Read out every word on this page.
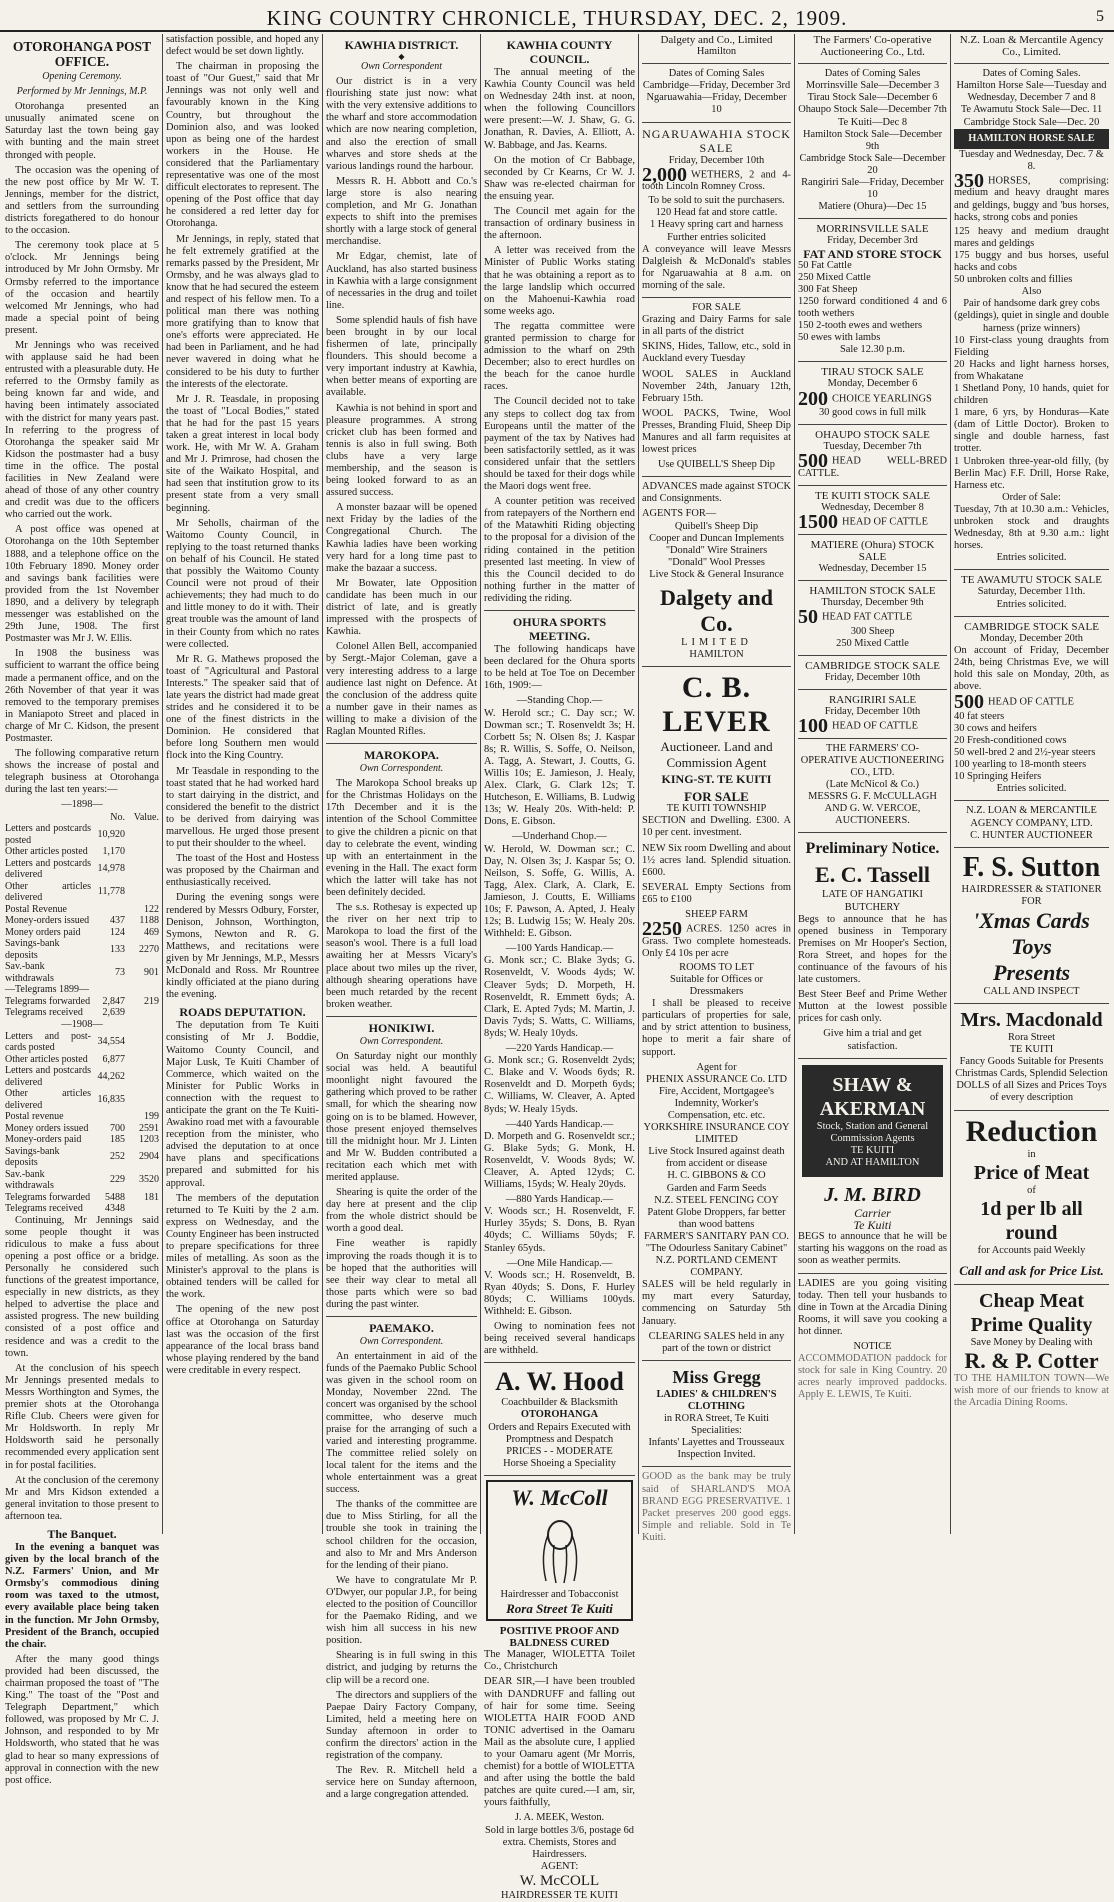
KING COUNTRY CHRONICLE, THURSDAY, DEC. 2, 1909.	5
OTOROHANGA POST OFFICE.
Opening Ceremony.
Performed by Mr Jennings, M.P.

Otorohanga presented an unusually animated scene on Saturday last the town being gay with bunting and the main street thronged with people.

The occasion was the opening of the new post office by Mr W. T. Jennings, member for the district, and settlers from the surrounding districts foregathered to do honour to the occasion.

The ceremony took place at 5 o'clock. Mr Jennings being introduced by Mr John Ormsby. Mr Ormsby referred to the importance of the occasion and heartily welcomed Mr Jennings, who had made a special point of being present.

Mr Jennings who was received with applause said he had been entrusted with a pleasurable duty. He referred to the Ormsby family as being known far and wide, and having been intimately associated with the district for many years past. In referring to the progress of Otorohanga the speaker said Mr Kidson the postmaster had a busy time in the office. The postal facilities in New Zealand were ahead of those of any other country and credit was due to the officers who carried out the work.

A post office was opened at Otorohanga on the 10th September 1888, and a telephone office on the 10th February 1890. Money order and savings bank facilities were provided from the 1st November 1890, and a delivery by telegraph messenger was established on the 29th June, 1908. The first Postmaster was Mr J. W. Ellis.

In 1908 the business was sufficient to warrant the office being made a permanent office, and on the 26th November of that year it was removed to the temporary premises in Maniapoto Street and placed in charge of Mr C. Kidson, the present Postmaster.

The following comparative return shows the increase of postal and telegraph business at Otorohanga during the last ten years:—

—1898—
	No.	Value.
Letters and postcards posted	10,920	
Other articles posted	1,170	
Letters and postcards delivered	14,978	
Other articles delivered	11,778	
Postal Revenue		122
Money-orders issued	437	1188
Money orders paid	124	469
Savings-bank deposits	133	2270
Sav.-bank withdrawals	73	901
—Telegrams 1899—		
Telegrams forwarded	2,847	219
Telegrams received	2,639	
—1908—
Letters and post-cards posted	34,554	
Other articles posted	6,877	
Letters and postcards delivered	44,262	
Other articles delivered	16,835	
Postal revenue		199
Money orders issued	700	2591
Money-orders paid	185	1203
Savings-bank deposits	252	2904
Sav.-bank withdrawals	229	3520
Telegrams forwarded	5488	181
Telegrams received	4348	

Continuing, Mr Jennings said some people thought it was ridiculous to make a fuss about opening a post office or a bridge. Personally he considered such functions of the greatest importance, especially in new districts, as they helped to advertise the place and assisted progress. The new building consisted of a post office and residence and was a credit to the town.

At the conclusion of his speech Mr Jennings presented medals to Messrs Worthington and Symes, the premier shots at the Otorohanga Rifle Club. Cheers were given for Mr Holdsworth. In reply Mr Holdsworth said he personally recommended every application sent in for postal facilities.

At the conclusion of the ceremony Mr and Mrs Kidson extended a general invitation to those present to afternoon tea.

The Banquet.

In the evening a banquet was given by the local branch of the N.Z. Farmers' Union, and Mr Ormsby's commodious dining room was taxed to the utmost, every available place being taken in the function. Mr John Ormsby, President of the Branch, occupied the chair.

After the many good things provided had been discussed, the chairman proposed the toast of "The King." The toast of the "Post and Telegraph Department," which followed, was proposed by Mr C. J. Johnson, and responded to by Mr Holdsworth, who stated that he was glad to hear so many expressions of approval in connection with the new post office.

satisfaction possible, and hoped any defect would be set down lightly.

The chairman in proposing the toast of "Our Guest," said that Mr Jennings was not only well and favourably known in the King Country, but throughout the Dominion also, and was looked upon as being one of the hardest workers in the House. He considered that the Parliamentary representative was one of the most difficult electorates to represent. The opening of the Post office that day he considered a red letter day for Otorohanga.

Mr Jennings, in reply, stated that he felt extremely gratified at the remarks passed by the President, Mr Ormsby, and he was always glad to know that he had secured the esteem and respect of his fellow men. To a political man there was nothing more gratifying than to know that one's efforts were appreciated. He had been in Parliament, and he had never wavered in doing what he considered to be his duty to further the interests of the electorate.

Mr J. R. Teasdale, in proposing the toast of "Local Bodies," stated that he had for the past 15 years taken a great interest in local body work. He, with Mr W. A. Graham and Mr J. Primrose, had chosen the site of the Waikato Hospital, and had seen that institution grow to its present state from a very small beginning.

Mr Seholls, chairman of the Waitomo County Council, in replying to the toast returned thanks on behalf of his Council. He stated that possibly the Waitomo County Council were not proud of their achievements; they had much to do and little money to do it with. Their great trouble was the amount of land in their County from which no rates were collected.

Mr R. G. Mathews proposed the toast of "Agricultural and Pastoral Interests." The speaker said that of late years the district had made great strides and he considered it to be one of the finest districts in the Dominion. He considered that before long Southern men would flock into the King Country.

Mr Teasdale in responding to the toast stated that he had worked hard to start dairying in the district, and considered the benefit to the district to be derived from dairying was marvellous. He urged those present to put their shoulder to the wheel.

The toast of the Host and Hostess was proposed by the Chairman and enthusiastically received.

During the evening songs were rendered by Messrs Odbury, Forster, Denison, Johnson, Worthington, Symons, Newton and R. G. Matthews, and recitations were given by Mr Jennings, M.P., Messrs McDonald and Ross. Mr Rountree kindly officiated at the piano during the evening.

ROADS DEPUTATION.

The deputation from Te Kuiti consisting of Mr J. Boddie, Waitomo County Council, and Major Lusk, Te Kuiti Chamber of Commerce, which waited on the Minister for Public Works in connection with the request to anticipate the grant on the Te Kuiti-Awakino road met with a favourable reception from the minister, who advised the deputation to at once have plans and specifications prepared and submitted for his approval.

The members of the deputation returned to Te Kuiti by the 2 a.m. express on Wednesday, and the County Engineer has been instructed to prepare specifications for three miles of metalling. As soon as the Minister's approval to the plans is obtained tenders will be called for the work.

The opening of the new post office at Otorohanga on Saturday last was the occasion of the first appearance of the local brass band whose playing rendered by the band were creditable in every respect.

KAWHIA DISTRICT.
◆
Own Correspondent

Our district is in a very flourishing state just now: what with the very extensive additions to the wharf and store accommodation which are now nearing completion, and also the erection of small wharves and store sheds at the various landings round the harbour.

Messrs R. H. Abbott and Co.'s large store is also nearing completion, and Mr G. Jonathan expects to shift into the premises shortly with a large stock of general merchandise.

Mr Edgar, chemist, late of Auckland, has also started business in Kawhia with a large consignment of necessaries in the drug and toilet line.

Some splendid hauls of fish have been brought in by our local fishermen of late, principally flounders. This should become a very important industry at Kawhia, when better means of exporting are available.

Kawhia is not behind in sport and pleasure programmes. A strong cricket club has been formed and tennis is also in full swing. Both clubs have a very large membership, and the season is being looked forward to as an assured success.

A monster bazaar will be opened next Friday by the ladies of the Congregational Church. The Kawhia ladies have been working very hard for a long time past to make the bazaar a success.

Mr Bowater, late Opposition candidate has been much in our district of late, and is greatly impressed with the prospects of Kawhia.

Colonel Allen Bell, accompanied by Sergt.-Major Coleman, gave a very interesting address to a large audience last night on Defence. At the conclusion of the address quite a number gave in their names as willing to make a division of the Raglan Mounted Rifles.

MAROKOPA.
Own Correspondent.

The Marokopa School breaks up for the Christmas Holidays on the 17th December and it is the intention of the School Committee to give the children a picnic on that day to celebrate the event, winding up with an entertainment in the evening in the Hall. The exact form which the latter will take has not been definitely decided.

The s.s. Rothesay is expected up the river on her next trip to Marokopa to load the first of the season's wool. There is a full load awaiting her at Messrs Vicary's place about two miles up the river, although shearing operations have been much retarded by the recent broken weather.

HONIKIWI.
Own Correspondent.

On Saturday night our monthly social was held. A beautiful moonlight night favoured the gathering which proved to be rather small, for which the shearing now going on is to be blamed. However, those present enjoyed themselves till the midnight hour. Mr J. Linten and Mr W. Budden contributed a recitation each which met with merited applause.

Shearing is quite the order of the day here at present and the clip from the whole district should be worth a good deal.

Fine weather is rapidly improving the roads though it is to be hoped that the authorities will see their way clear to metal all those parts which were so bad during the past winter.

PAEMAKO.
Own Correspondent.

An entertainment in aid of the funds of the Paemako Public School was given in the school room on Monday, November 22nd. The concert was organised by the school committee, who deserve much praise for the arranging of such a varied and interesting programme. The committee relied solely on local talent for the items and the whole entertainment was a great success.

The thanks of the committee are due to Miss Stirling, for all the trouble she took in training the school children for the occasion, and also to Mr and Mrs Anderson for the lending of their piano.

We have to congratulate Mr P. O'Dwyer, our popular J.P., for being elected to the position of Councillor for the Paemako Riding, and we wish him all success in his new position.

Shearing is in full swing in this district, and judging by returns the clip will be a record one.

The directors and suppliers of the Paepae Dairy Factory Company, Limited, held a meeting here on Sunday afternoon in order to confirm the directors' action in the registration of the company.

The Rev. R. Mitchell held a service here on Sunday afternoon, and a large congregation attended.

KAWHIA COUNTY COUNCIL.

The annual meeting of the Kawhia County Council was held on Wednesday 24th inst. at noon, when the following Councillors were present:—W. J. Shaw, G. G. Jonathan, R. Davies, A. Elliott, A. W. Babbage, and Jas. Kearns.

On the motion of Cr Babbage, seconded by Cr Kearns, Cr W. J. Shaw was re-elected chairman for the ensuing year.

The Council met again for the transaction of ordinary business in the afternoon.

A letter was received from the Minister of Public Works stating that he was obtaining a report as to the large landslip which occurred on the Mahoenui-Kawhia road some weeks ago.

The regatta committee were granted permission to charge for admission to the wharf on 29th December; also to erect hurdles on the beach for the canoe hurdle races.

The Council decided not to take any steps to collect dog tax from Europeans until the matter of the payment of the tax by Natives had been satisfactorily settled, as it was considered unfair that the settlers should be taxed for their dogs while the Maori dogs went free.

A counter petition was received from ratepayers of the Northern end of the Matawhiti Riding objecting to the proposal for a division of the riding contained in the petition presented last meeting. In view of this the Council decided to do nothing further in the matter of redividing the riding.

OHURA SPORTS MEETING.

The following handicaps have been declared for the Ohura sports to be held at Toe Toe on December 16th, 1909:—

—Standing Chop.—

W. Herold scr.; C. Day scr.; W. Dowman scr.; T. Rosenveldt 3s; H. Corbett 5s; N. Olsen 8s; J. Kaspar 8s; R. Willis, S. Soffe, O. Neilson, A. Tagg, A. Stewart, J. Coutts, G. Willis 10s; E. Jamieson, J. Healy, Alex. Clark, G. Clark 12s; T. Hutcheson, E. Williams, B. Ludwig 13s; W. Healy 20s. With-held: P. Dons, E. Gibson.

—Underhand Chop.—

W. Herold, W. Dowman scr.; C. Day, N. Olsen 3s; J. Kaspar 5s; O. Neilson, S. Soffe, G. Willis, A. Tagg, Alex. Clark, A. Clark, E. Jamieson, J. Coutts, E. Williams 10s; F. Pawson, A. Apted, J. Healy 12s; B. Ludwig 15s; W. Healy 20s. Withheld: E. Gibson.

—100 Yards Handicap.—

G. Monk scr.; C. Blake 3yds; G. Rosenveldt, V. Woods 4yds; W. Cleaver 5yds; D. Morpeth, H. Rosenveldt, R. Emmett 6yds; A. Clark, E. Apted 7yds; M. Martin, J. Davis 7yds; S. Watts, C. Williams, 8yds; W. Healy 10yds.

—220 Yards Handicap.—

G. Monk scr.; G. Rosenveldt 2yds; C. Blake and V. Woods 6yds; R. Rosenveldt and D. Morpeth 6yds; C. Williams, W. Cleaver, A. Apted 8yds; W. Healy 15yds.

—440 Yards Handicap.—

D. Morpeth and G. Rosenveldt scr.; G. Blake 5yds; G. Monk, H. Rosenveldt, V. Woods 8yds; W. Cleaver, A. Apted 12yds; C. Williams, 15yds; W. Healy 20yds.

—880 Yards Handicap.—

V. Woods scr.; H. Rosenveldt, F. Hurley 35yds; S. Dons, B. Ryan 40yds; C. Williams 50yds; F. Stanley 65yds.

—One Mile Handicap.—

V. Woods scr.; H. Rosenveldt, B. Ryan 40yds; S. Dons, F. Hurley 80yds; C. Williams 100yds. Withheld: E. Gibson.

Owing to nomination fees not being received several handicaps are withheld.

A. W. Hood
Coachbuilder & Blacksmith
OTOROHANGA
Orders and Repairs Executed with Promptness and Despatch
PRICES - - MODERATE
Horse Shoeing a Speciality
W. McColl
Hairdresser and Tobacconist
Rora Street Te Kuiti
POSITIVE PROOF AND BALDNESS CURED

The Manager, WIOLETTA Toilet Co., Christchurch

DEAR SIR,—I have been troubled with DANDRUFF and falling out of hair for some time. Seeing WIOLETTA HAIR FOOD AND TONIC advertised in the Oamaru Mail as the absolute cure, I applied to your Oamaru agent (Mr Morris, chemist) for a bottle of WIOLETTA and after using the bottle the bald patches are quite cured.—I am, sir, yours faithfully,

J. A. MEEK, Weston.
Sold in large bottles 3/6, postage 6d extra. Chemists, Stores and Hairdressers.
AGENT:
W. McCOLL
HAIRDRESSER TE KUITI
Dalgety and Co., Limited
Hamilton
Dates of Coming Sales
Cambridge—Friday, December 3rd
Ngaruawahia—Friday, December 10
NGARUAWAHIA STOCK SALE
Friday, December 10th
2,000 WETHERS, 2 and 4-tooth Lincoln Romney Cross.
To be sold to suit the purchasers.
120 Head fat and store cattle.
1 Heavy spring cart and harness
Further entries solicited

A conveyance will leave Messrs Dalgleish & McDonald's stables for Ngaruawahia at 8 a.m. on morning of the sale.

FOR SALE

Grazing and Dairy Farms for sale in all parts of the district

SKINS, Hides, Tallow, etc., sold in Auckland every Tuesday

WOOL SALES in Auckland November 24th, January 12th, February 15th.

WOOL PACKS, Twine, Wool Presses, Branding Fluid, Sheep Dip Manures and all farm requisites at lowest prices

Use QUIBELL'S Sheep Dip

ADVANCES made against STOCK and Consignments.

AGENTS FOR—
Quibell's Sheep Dip
Cooper and Duncan Implements
"Donald" Wire Strainers
"Donald" Wool Presses
Live Stock & General Insurance
Dalgety and Co.
LIMITED
HAMILTON
C. B. LEVER
Auctioneer. Land and Commission Agent
KING-ST. TE KUITI
FOR SALE
TE KUITI TOWNSHIP

SECTION and Dwelling. £300. A 10 per cent. investment.

NEW Six room Dwelling and about 1½ acres land. Splendid situation. £600.

SEVERAL Empty Sections from £65 to £100

SHEEP FARM
2250 ACRES. 1250 acres in Grass. Two complete homesteads. Only £4 10s per acre
ROOMS TO LET
Suitable for Offices or Dressmakers

I shall be pleased to receive particulars of properties for sale, and by strict attention to business, hope to merit a fair share of support.

Agent for
PHENIX ASSURANCE Co. LTD
Fire, Accident, Mortgagee's Indemnity, Worker's Compensation, etc. etc.
YORKSHIRE INSURANCE COY LIMITED
Live Stock Insured against death from accident or disease
H. C. GIBBONS & CO
Garden and Farm Seeds
N.Z. STEEL FENCING COY
Patent Globe Droppers, far better than wood battens
FARMER'S SANITARY PAN CO.
"The Odourless Sanitary Cabinet"
N.Z. PORTLAND CEMENT COMPANY.

SALES will be held regularly in my mart every Saturday, commencing on Saturday 5th January.

CLEARING SALES held in any part of the town or district
Miss Gregg
LADIES' & CHILDREN'S CLOTHING
in RORA Street, Te Kuiti
Specialities:
Infants' Layettes and Trousseaux Inspection Invited.

GOOD as the bank may be truly said of SHARLAND'S MOA BRAND EGG PRESERVATIVE. 1 Packet preserves 200 good eggs. Simple and reliable. Sold in Te Kuiti.

The Farmers' Co-operative Auctioneering Co., Ltd.
Dates of Coming Sales
Morrinsville Sale—December 3
Tirau Stock Sale—December 6
Ohaupo Stock Sale—December 7th
Te Kuiti—Dec 8
Hamilton Stock Sale—December 9th
Cambridge Stock Sale—December 20
Rangiriri Sale—Friday, December 10
Matiere (Ohura)—Dec 15
MORRINSVILLE SALE
Friday, December 3rd
FAT AND STORE STOCK
50 Fat Cattle
250 Mixed Cattle
300 Fat Sheep
1250 forward conditioned 4 and 6 tooth wethers
150 2-tooth ewes and wethers
50 ewes with lambs
Sale 12.30 p.m.
TIRAU STOCK SALE
Monday, December 6
200 CHOICE YEARLINGS
30 good cows in full milk
OHAUPO STOCK SALE
Tuesday, December 7th
500 HEAD WELL-BRED CATTLE.
TE KUITI STOCK SALE
Wednesday, December 8
1500 HEAD OF CATTLE
MATIERE (Ohura) STOCK SALE
Wednesday, December 15
HAMILTON STOCK SALE
Thursday, December 9th
50 HEAD FAT CATTLE
300 Sheep
250 Mixed Cattle
CAMBRIDGE STOCK SALE
Friday, December 10th
RANGIRIRI SALE
Friday, December 10th
100 HEAD OF CATTLE
THE FARMERS' CO-OPERATIVE AUCTIONEERING CO., LTD.
(Late McNicol & Co.)
MESSRS G. F. McCULLAGH AND G. W. VERCOE, AUCTIONEERS.
Preliminary Notice.
E. C. Tassell
LATE OF HANGATIKI BUTCHERY

Begs to announce that he has opened business in Temporary Premises on Mr Hooper's Section, Rora Street, and hopes for the continuance of the favours of his late customers.

Best Steer Beef and Prime Wether Mutton at the lowest possible prices for cash only.

Give him a trial and get satisfaction.
SHAW & AKERMAN
Stock, Station and General Commission Agents
TE KUITI
AND AT HAMILTON
J. M. BIRD
Carrier
Te Kuiti

BEGS to announce that he will be starting his waggons on the road as soon as weather permits.

LADIES are you going visiting today. Then tell your husbands to dine in Town at the Arcadia Dining Rooms, it will save you cooking a hot dinner.

NOTICE

ACCOMMODATION paddock for stock for sale in King Country. 20 acres nearly improved paddocks. Apply E. LEWIS, Te Kuiti.

N.Z. Loan & Mercantile Agency Co., Limited.
Dates of Coming Sales.
Hamilton Horse Sale—Tuesday and Wednesday, December 7 and 8
Te Awamutu Stock Sale—Dec. 11
Cambridge Stock Sale—Dec. 20
HAMILTON HORSE SALE
Tuesday and Wednesday, Dec. 7 & 8.
350 HORSES, comprising: medium and heavy draught mares and geldings, buggy and 'bus horses, hacks, strong cobs and ponies
125 heavy and medium draught mares and geldings
175 buggy and bus horses, useful hacks and cobs
50 unbroken colts and fillies
Also
Pair of handsome dark grey cobs (geldings), quiet in single and double harness (prize winners)
10 First-class young draughts from Fielding
20 Hacks and light harness horses, from Whakatane
1 Shetland Pony, 10 hands, quiet for children
1 mare, 6 yrs, by Honduras—Kate (dam of Little Doctor). Broken to single and double harness, fast trotter.
1 Unbroken three-year-old filly, (by Berlin Mac) F.F. Drill, Horse Rake, Harness etc.
Order of Sale:
Tuesday, 7th at 10.30 a.m.: Vehicles, unbroken stock and draughts Wednesday, 8th at 9.30 a.m.: light horses.
Entries solicited.
TE AWAMUTU STOCK SALE
Saturday, December 11th.
Entries solicited.
CAMBRIDGE STOCK SALE
Monday, December 20th

On account of Friday, December 24th, being Christmas Eve, we will hold this sale on Monday, 20th, as above.

500 HEAD OF CATTLE
40 fat steers
30 cows and heifers
20 Fresh-conditioned cows
50 well-bred 2 and 2½-year steers
100 yearling to 18-month steers
10 Springing Heifers
Entries solicited.
N.Z. LOAN & MERCANTILE AGENCY COMPANY, LTD.
C. HUNTER AUCTIONEER
F. S. Sutton
HAIRDRESSER & STATIONER
FOR
'Xmas Cards
Toys
Presents
CALL AND INSPECT
Mrs. Macdonald
Rora Street
TE KUITI
Fancy Goods Suitable for Presents Christmas Cards, Splendid Selection DOLLS of all Sizes and Prices Toys of every description
Reduction
in
Price of Meat
of
1d per lb all round
for Accounts paid Weekly
Call and ask for Price List.
Cheap Meat
Prime Quality
Save Money by Dealing with
R. & P. Cotter

TO THE HAMILTON TOWN—We wish more of our friends to know at the Arcadia Dining Rooms.
